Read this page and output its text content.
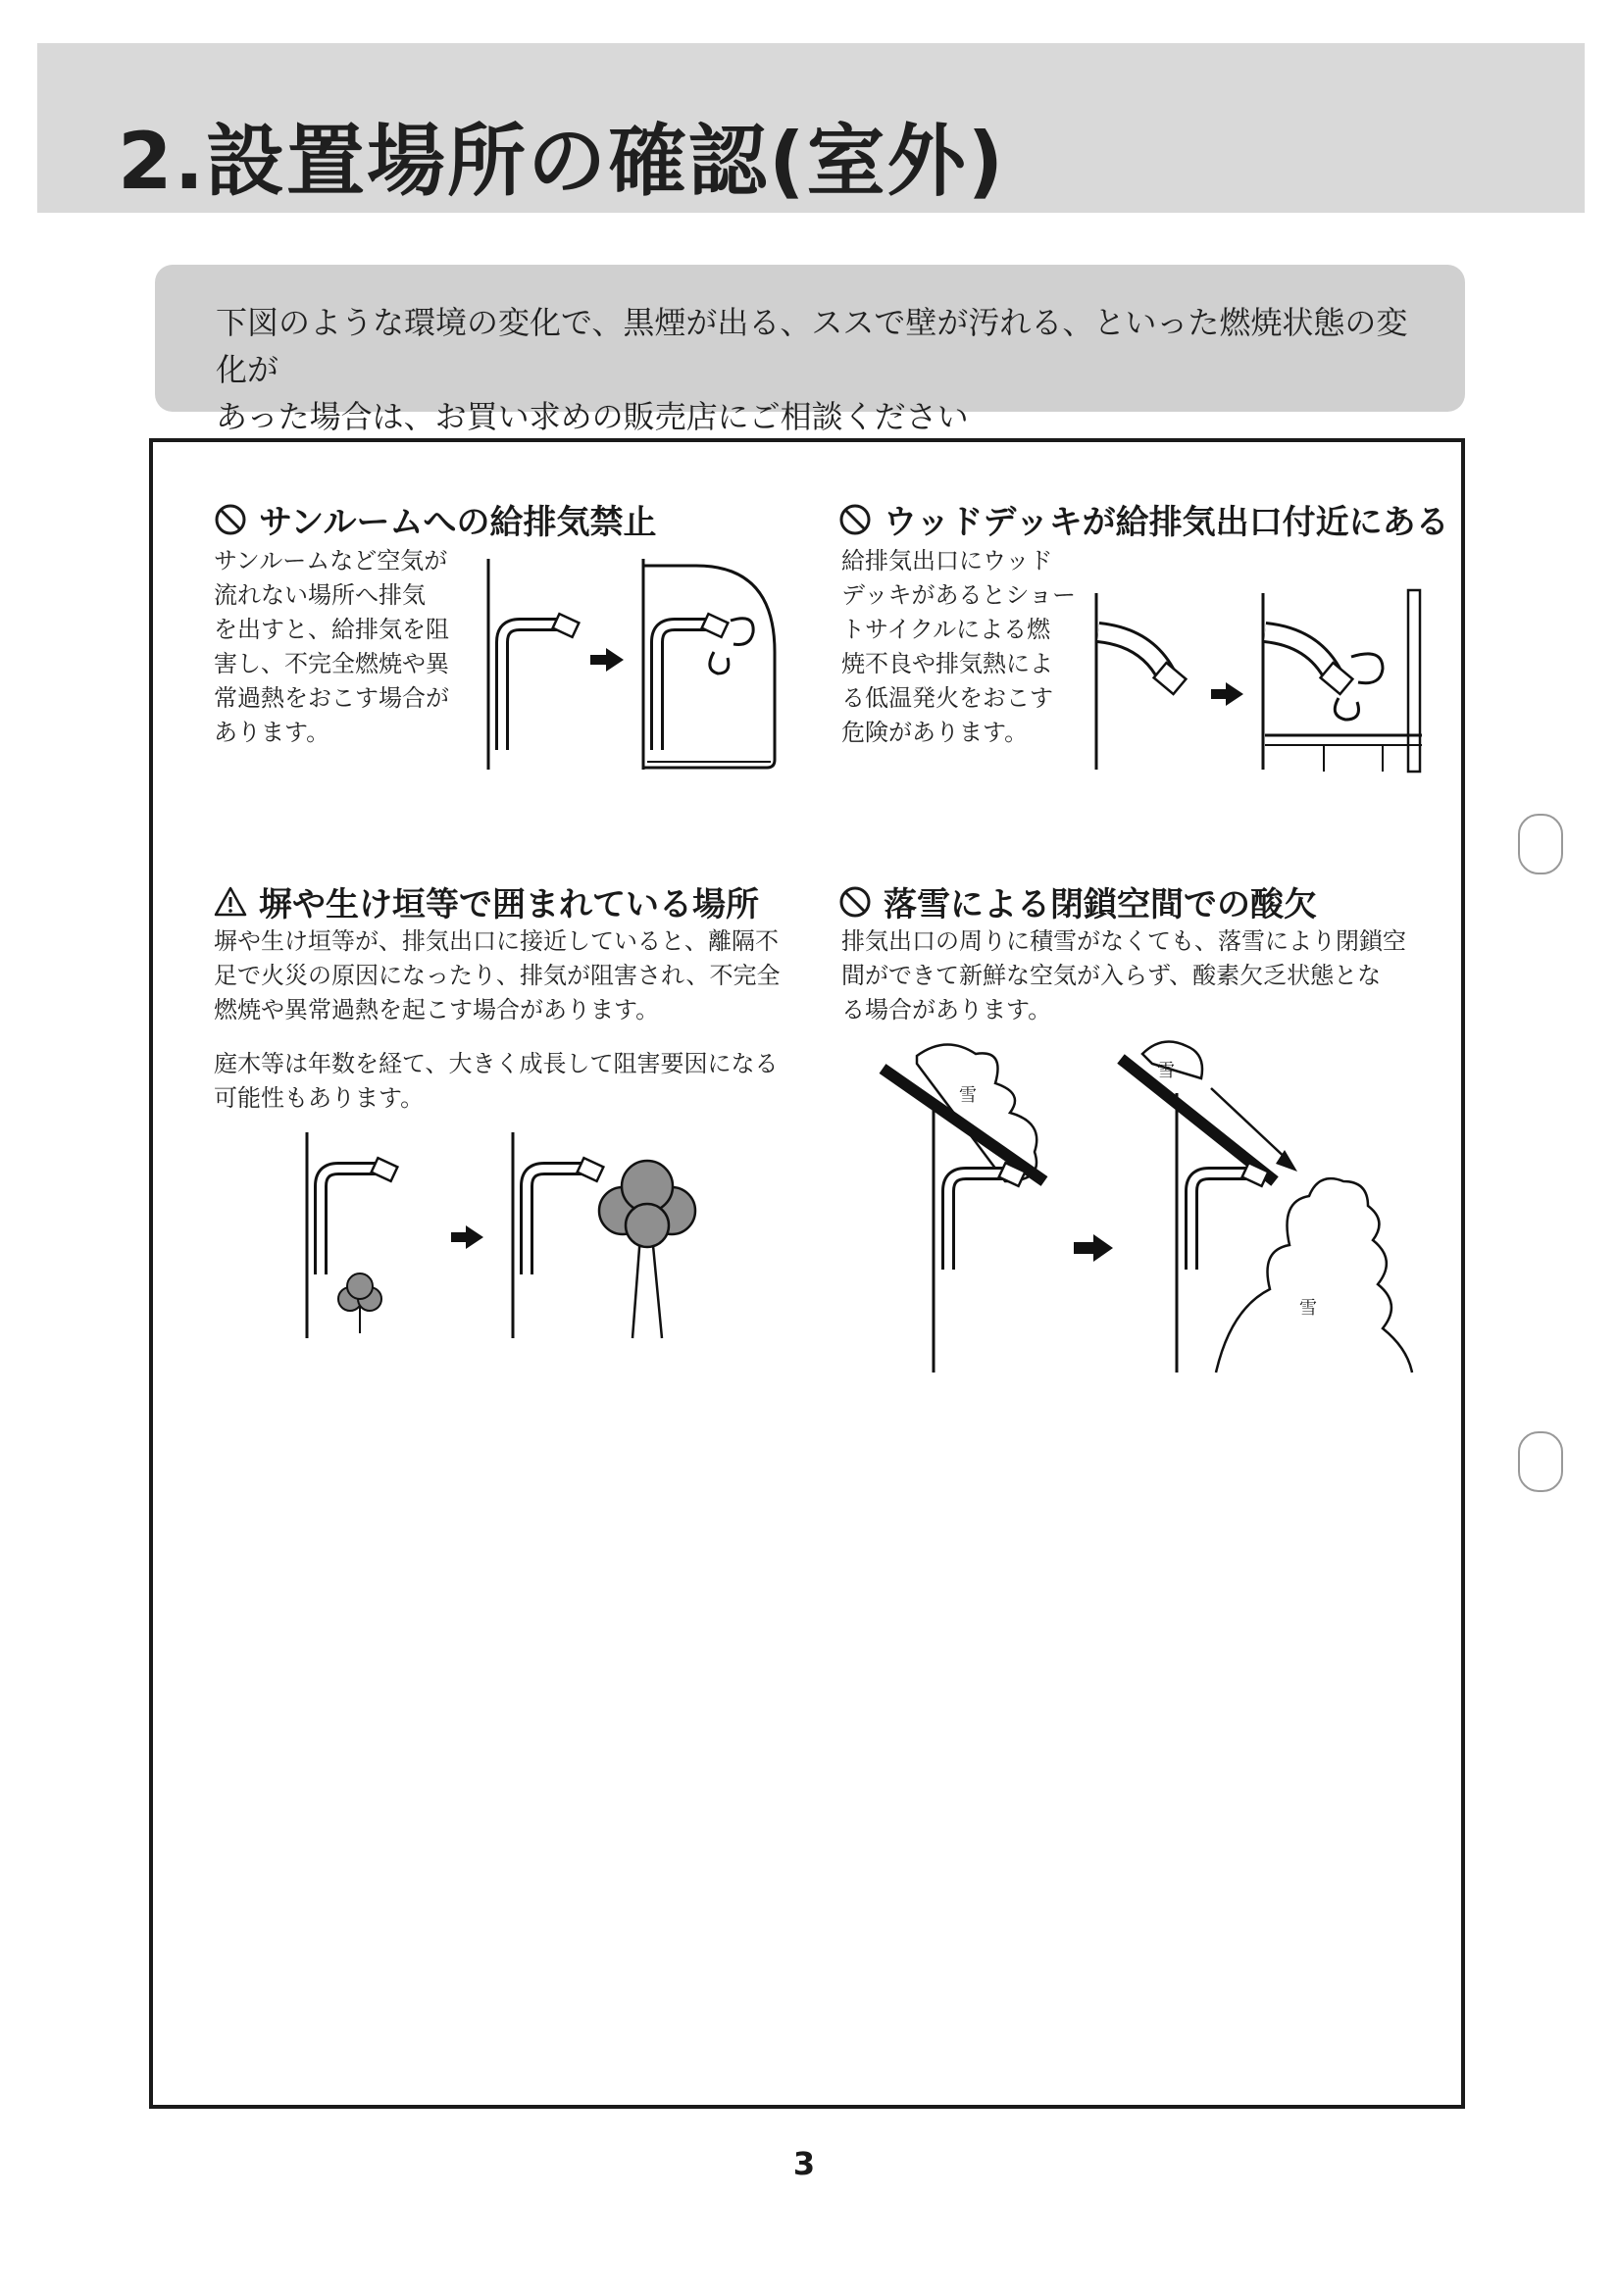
2.設置場所の確認(室外)
下図のような環境の変化で、黒煙が出る、ススで壁が汚れる、といった燃焼状態の変化が
あった場合は、お買い求めの販売店にご相談ください
サンルームへの給排気禁止
サンルームなど空気が
流れない場所へ排気
を出すと、給排気を阻
害し、不完全燃焼や異
常過熱をおこす場合が
あります。
ウッドデッキが給排気出口付近にある
給排気出口にウッド
デッキがあるとショー
トサイクルによる燃
焼不良や排気熱によ
る低温発火をおこす
危険があります。
塀や生け垣等で囲まれている場所
塀や生け垣等が、排気出口に接近していると、離隔不
足で火災の原因になったり、排気が阻害され、不完全
燃焼や異常過熱を起こす場合があります。
庭木等は年数を経て、大きく成長して阻害要因になる
可能性もあります。
落雪による閉鎖空間での酸欠
排気出口の周りに積雪がなくても、落雪により閉鎖空
間ができて新鮮な空気が入らず、酸素欠乏状態とな
る場合があります。
雪
雪
雪
3
